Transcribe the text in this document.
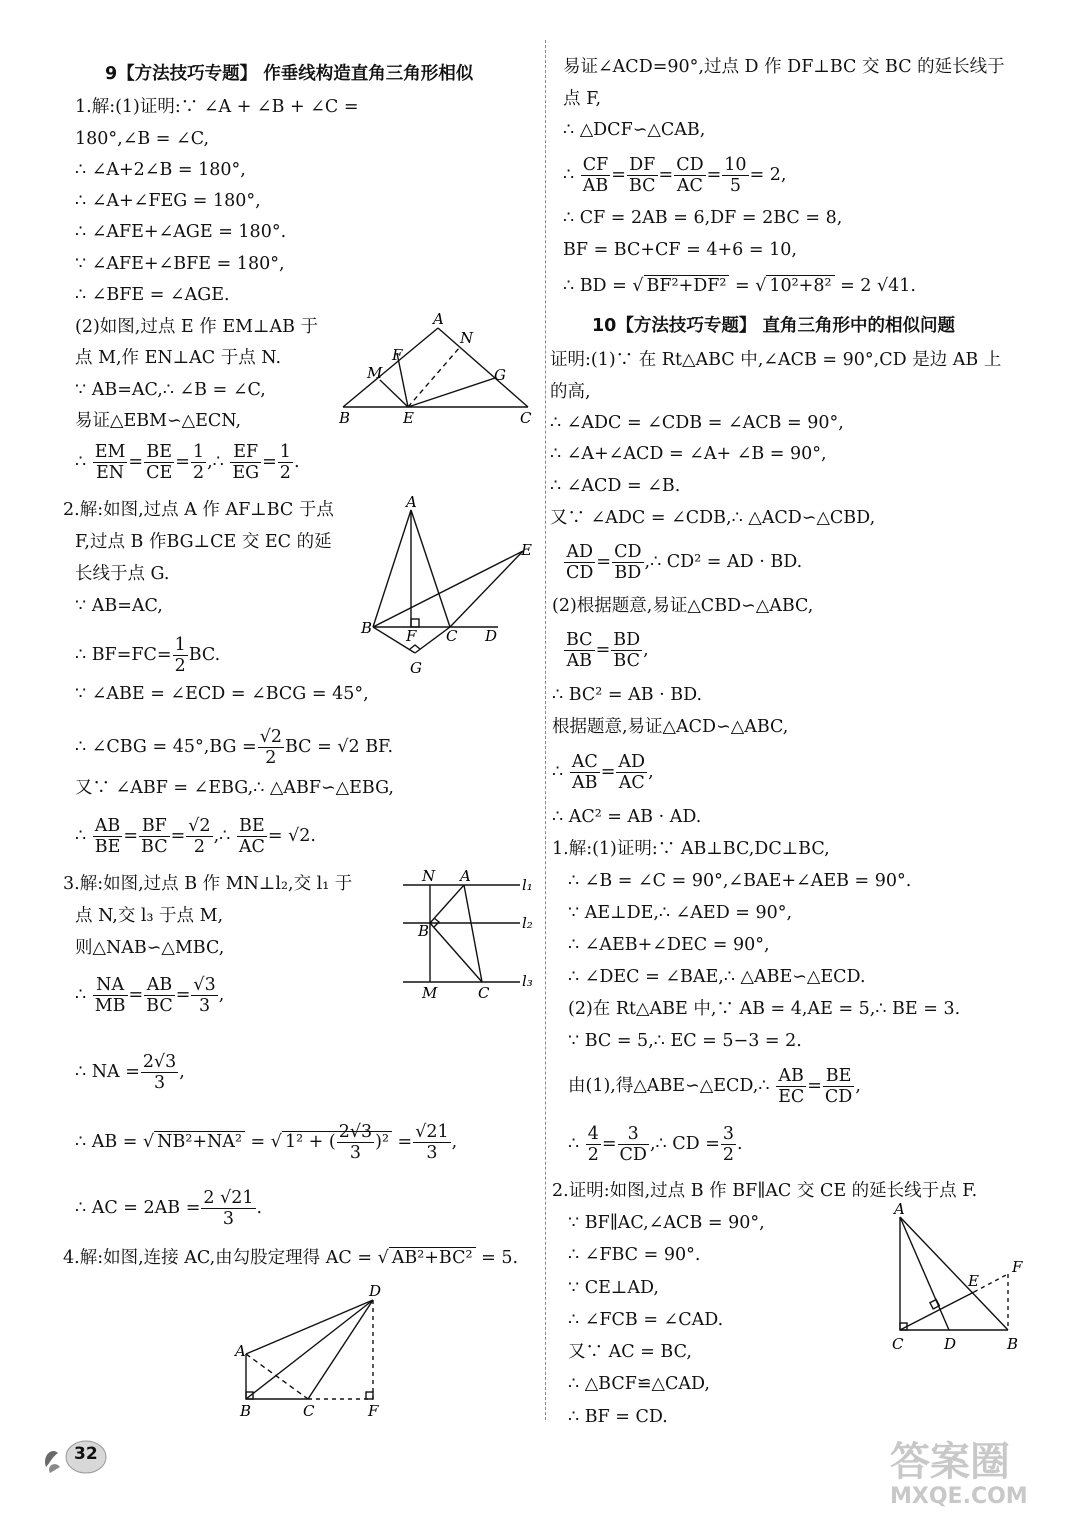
9【方法技巧专题】 作垂线构造直角三角形相似
1.解:(1)证明:∵ ∠A + ∠B + ∠C =
180°,∠B = ∠C,
∴ ∠A+2∠B = 180°,
∴ ∠A+∠FEG = 180°,
∴ ∠AFE+∠AGE = 180°.
∵ ∠AFE+∠BFE = 180°,
∴ ∠BFE = ∠AGE.
(2)如图,过点 E 作 EM⊥AB 于
点 M,作 EN⊥AC 于点 N.
∵ AB=AC,∴ ∠B = ∠C,
易证△EBM∽△ECN,
∴ $\frac{EM}{EN} = \frac{BE}{CE} = \frac{1}{2}$ ,∴ $\frac{EF}{EG} = \frac{1}{2}$ .
A
N
G
F
M
B	E	C
2.解:如图,过点 A 作 AF⊥BC 于点
F,过点 B 作BG⊥CE 交 EC 的延
长线于点 G.
∵ AB=AC,
∴ $BF=FC= \frac{1}{2}$ BC.
∵ ∠ABE = ∠ECD = ∠BCG = 45°,
∴ ∠CBG = $45^\circ,BG = \frac{√2}{2}$ BC = √2 BF.
又∵ ∠ABF = ∠EBG,∴ △ABF∽△EBG,
∴ $\frac{AB}{BE} = \frac{BF}{BC} = \frac{√2}{2}$ ,∴ $\frac{BE}{AC} = √2$.
A
E
B F C D
G
3.解:如图,过点 B 作 MN⊥l₂,交 l₁ 于
点 N,交 l₃ 于点 M,
则△NAB∽△MBC,
∴ $\frac{NA}{MB} = \frac{AB}{BC} = \frac{√3}{3}$ ,
∴ NA = $\frac{2√3}{3}$ ,
∴ AB = √ NB²+NA² = √ 1² + ( $\frac{2√3}{3} )^2 = \frac{√21}{3}$ ,
∴ AC = $2AB = \frac{2 √21}{3}$ .
N A	l₁
B	l₂
M	C
l₃
4.解:如图,连接 AC,由勾股定理得 AC = √ AB²+BC² = 5.
D
A
B	C	F
易证∠ACD=90°,过点 D 作 DF⊥BC 交 BC 的延长线于
点 F,
∴ △DCF∽△CAB,
∴ $\frac{CF}{AB} = \frac{DF}{BC} = \frac{CD}{AC} = \frac{10}{5} = 2$,
∴ CF = 2AB = 6,DF = 2BC = 8,
BF = BC+CF = 4+6 = 10,
∴ BD = √ BF²+DF² = √ 10²+8² = 2 √41.
10【方法技巧专题】 直角三角形中的相似问题
证明:(1)∵ 在 Rt△ABC 中,∠ACB = 90°,CD 是边 AB 上
的高,
∴ ∠ADC = ∠CDB = ∠ACB = 90°,
∴ ∠A+∠ACD = ∠A+ ∠B = 90°,
∴ ∠ACD = ∠B.
又∵ ∠ADC = ∠CDB,∴ △ACD∽△CBD,
$\frac{AD}{CD} = \frac{CD}{BD}$ ,∴ CD² = AD · BD.
(2)根据题意,易证△CBD∽△ABC,
$\frac{BC}{AB} = \frac{BD}{BC}$ ,
∴ BC² = AB · BD.
根据题意,易证△ACD∽△ABC,
∴ $\frac{AC}{AB} = \frac{AD}{AC}$ ,
∴ AC² = AB · AD.
1.解:(1)证明:∵ AB⊥BC,DC⊥BC,
∴ ∠B = ∠C = 90°,∠BAE+∠AEB = 90°.
∵ AE⊥DE,∴ ∠AED = 90°,
∴ ∠AEB+∠DEC = 90°,
∴ ∠DEC = ∠BAE,∴ △ABE∽△ECD.
(2)在 Rt△ABE 中,∵ AB = 4,AE = 5,∴ BE = 3.
∵ BC = 5,∴ EC = 5−3 = 2.
由(1),得△ABE∽△ECD,∴ $\frac{AB}{EC} = \frac{BE}{CD}$ ,
∴ $\frac{4}{2} = \frac{3}{CD}$ ,∴ CD = $\frac{3}{2}$ .
2.证明:如图,过点 B 作 BF∥AC 交 CE 的延长线于点 F.
∵ BF∥AC,∠ACB = 90°,
∴ ∠FBC = 90°.
∵ CE⊥AD,
∴ ∠FCB = ∠CAD.
又∵ AC = BC,
∴ △BCF≌△CAD,
∴ BF = CD.
A
E
F
C	D	B
32	答案圈
MXQE.COM
